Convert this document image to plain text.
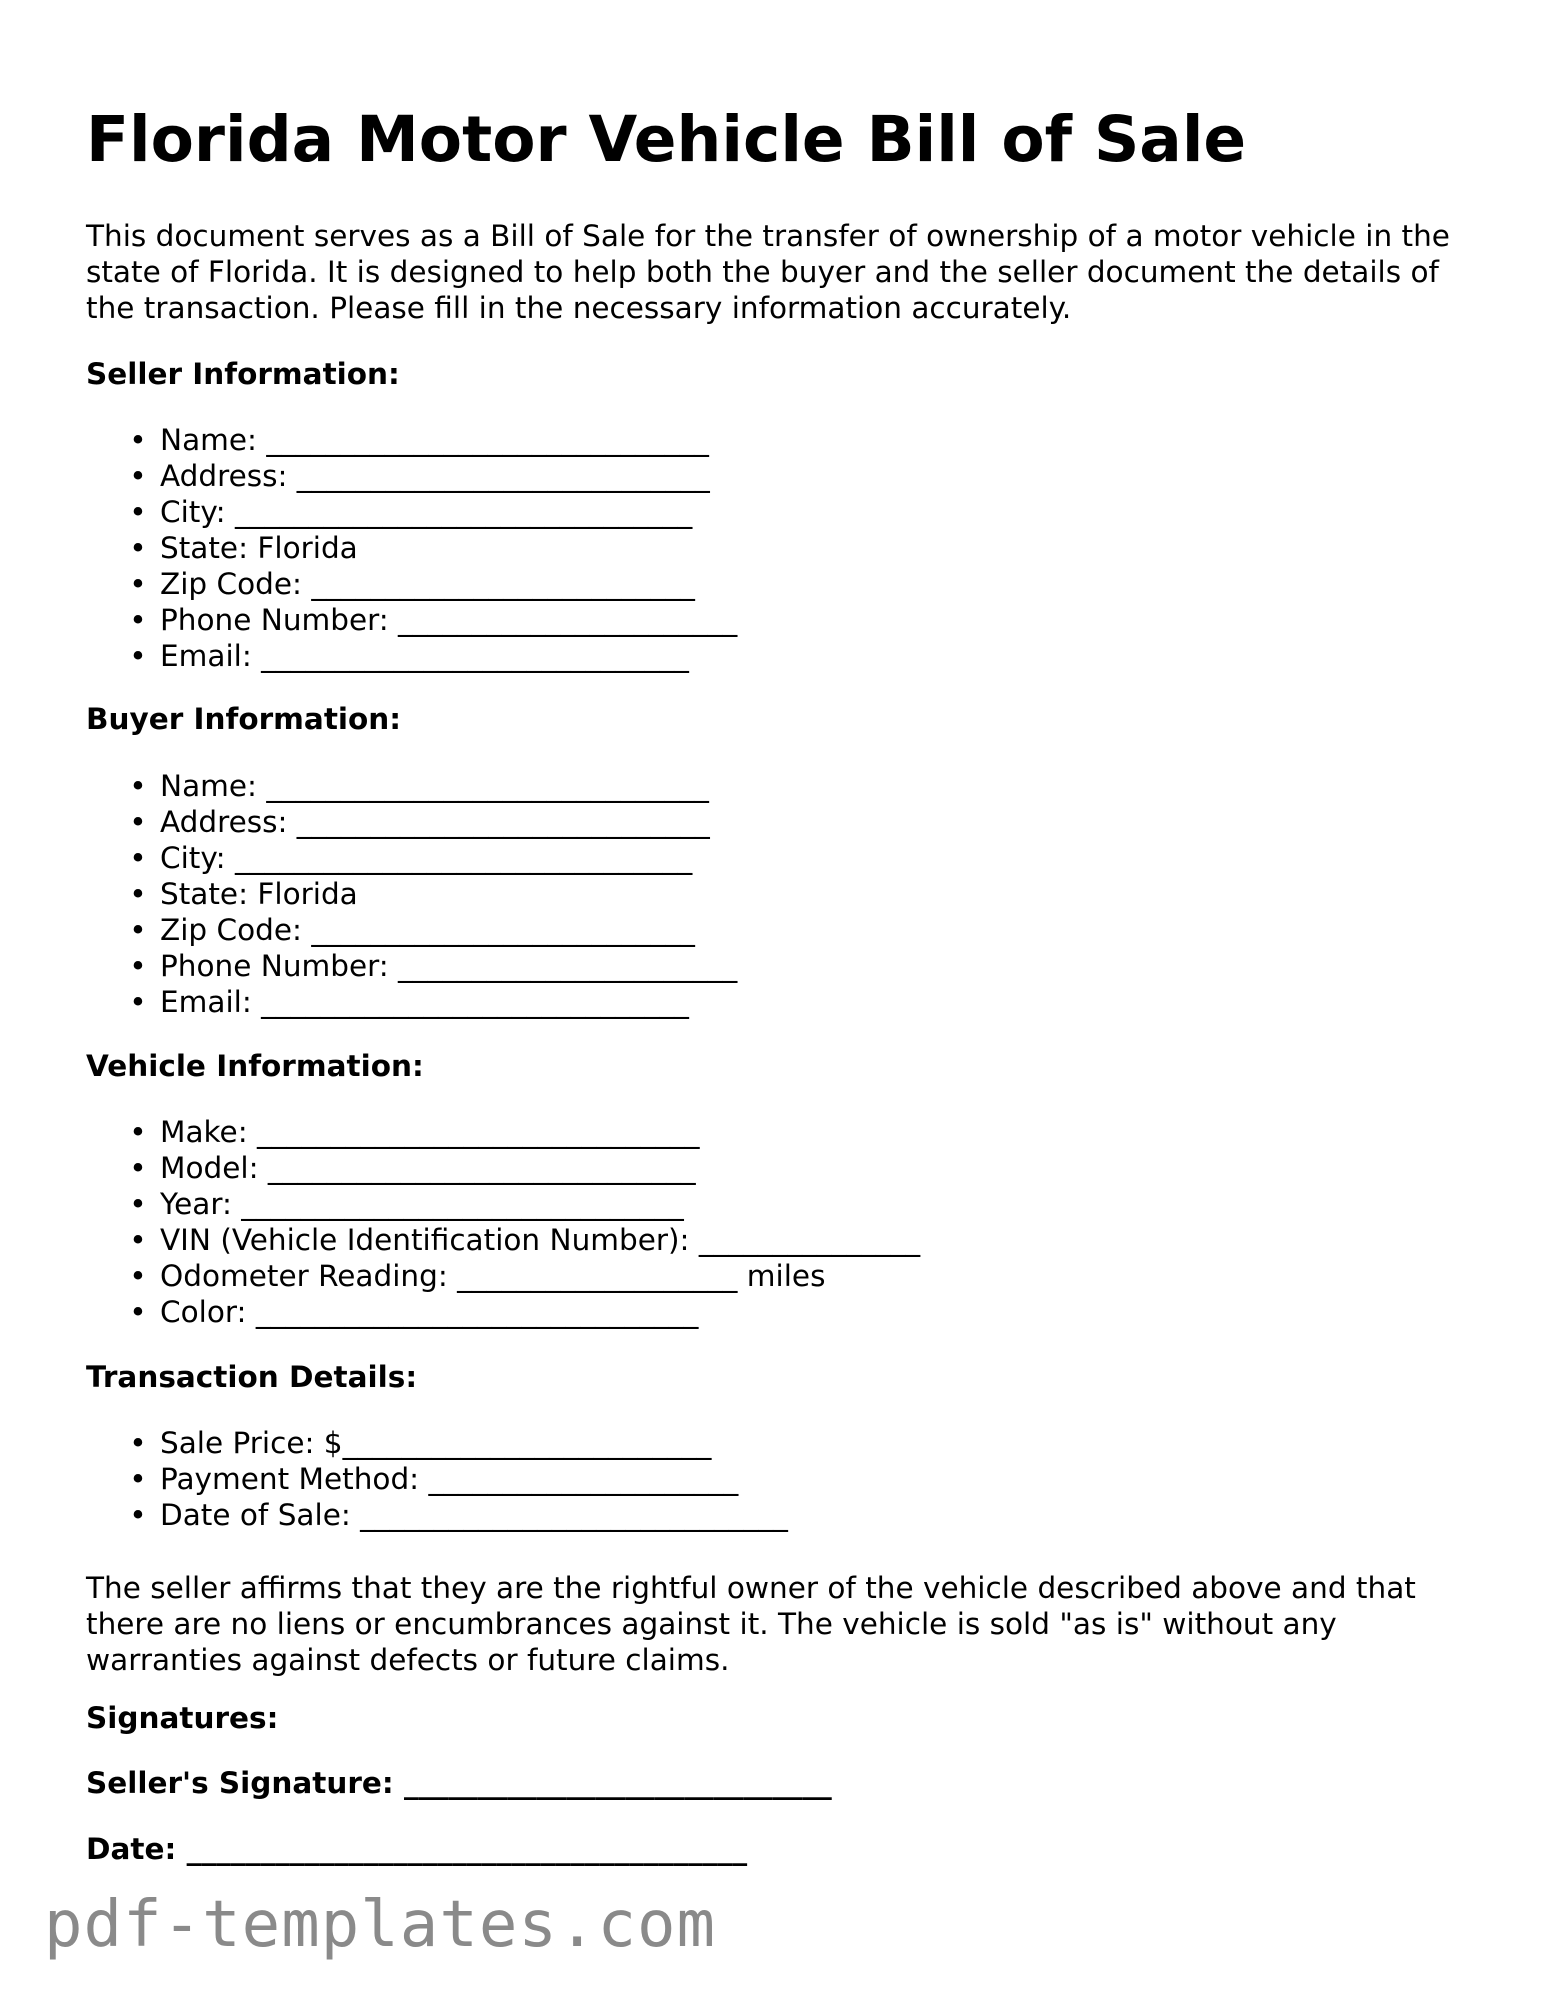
Florida Motor Vehicle Bill of Sale

This document serves as a Bill of Sale for the transfer of ownership of a motor vehicle in the state of Florida. It is designed to help both the buyer and the seller document the details of the transaction. Please fill in the necessary information accurately.

Seller Information:
• Name: ______________________________
• Address: ____________________________
• City: _______________________________
• State: Florida
• Zip Code: __________________________
• Phone Number: _______________________
• Email: _____________________________
Buyer Information:
• Name: ______________________________
• Address: ____________________________
• City: _______________________________
• State: Florida
• Zip Code: __________________________
• Phone Number: _______________________
• Email: _____________________________
Vehicle Information:
• Make: ______________________________
• Model: _____________________________
• Year: ______________________________
• VIN (Vehicle Identification Number): _______________
• Odometer Reading: ___________________ miles
• Color: ______________________________
Transaction Details:
• Sale Price: $_________________________
• Payment Method: _____________________
• Date of Sale: _____________________________

The seller affirms that they are the rightful owner of the vehicle described above and that there are no liens or encumbrances against it. The vehicle is sold "as is" without any warranties against defects or future claims.

Signatures:
Seller's Signature: _____________________________
Date: ______________________________________
pdf-templates.com
